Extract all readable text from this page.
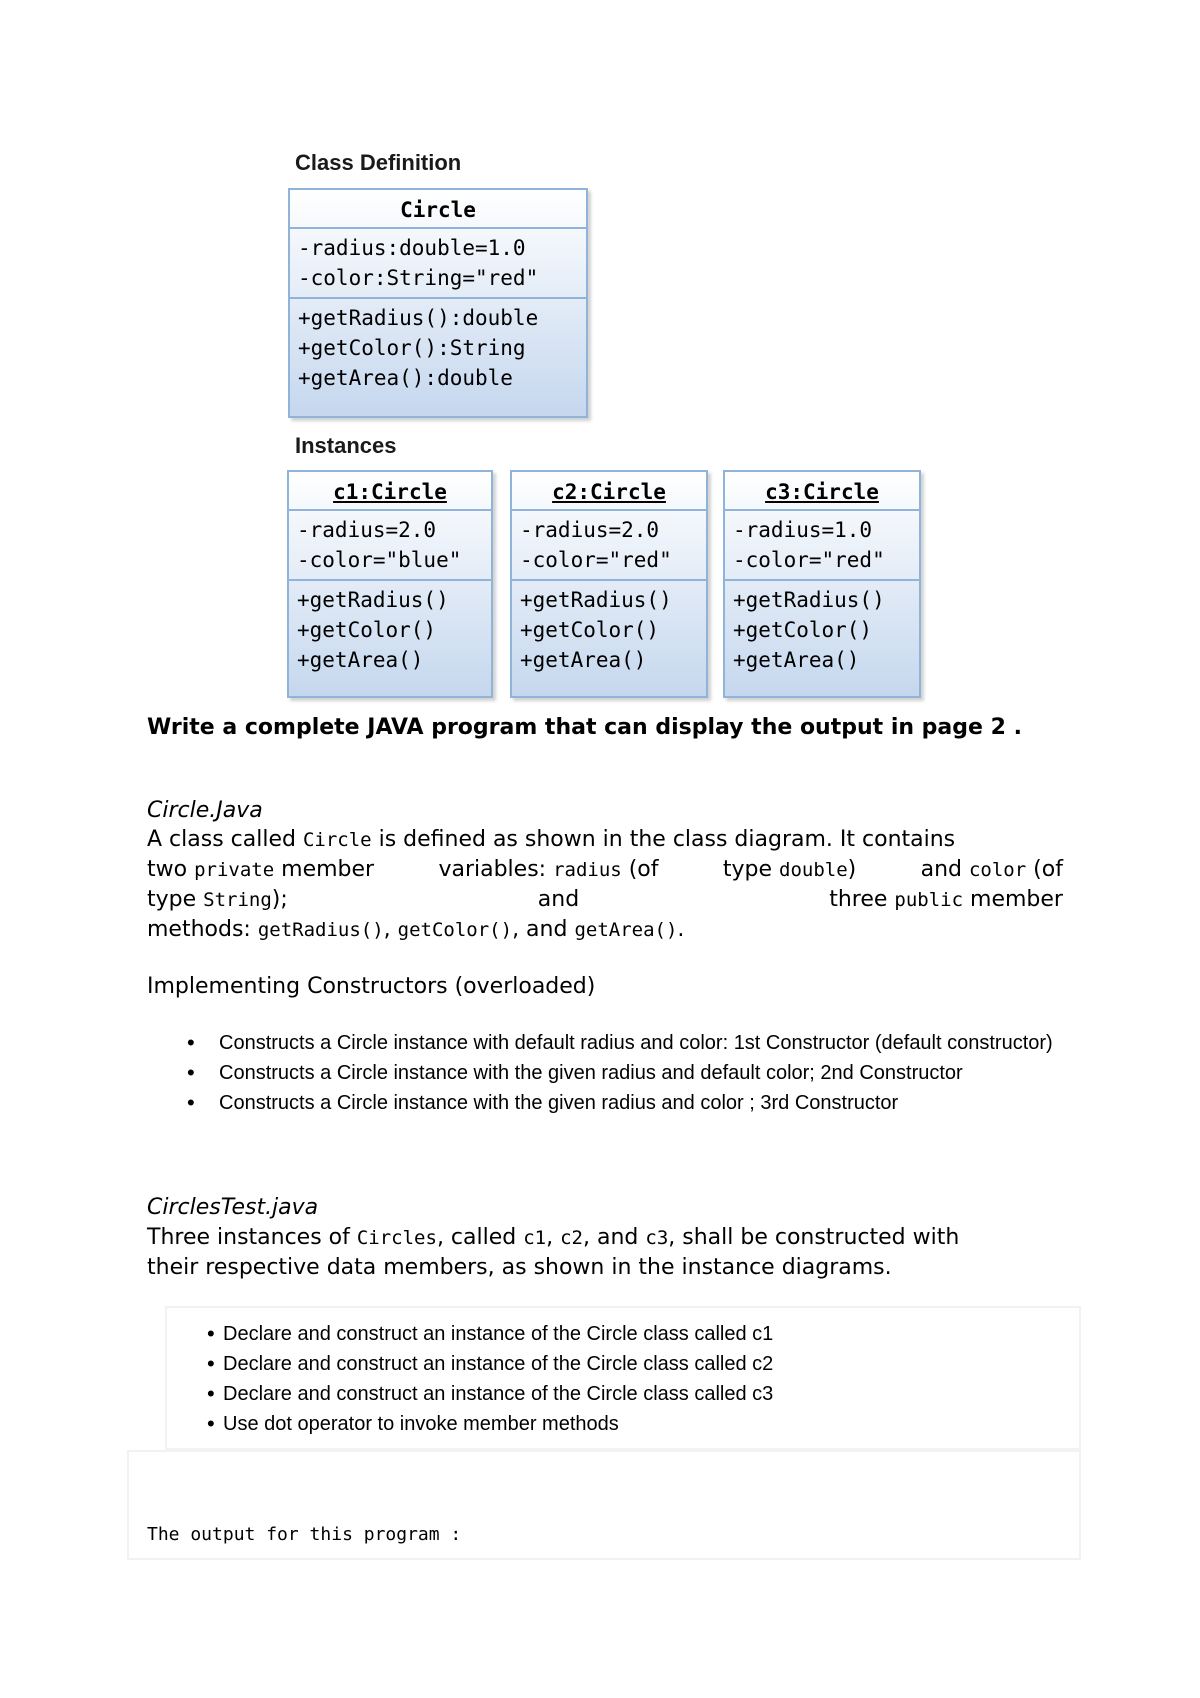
Class Definition
Circle
-radius:double=1.0
-color:String="red"
+getRadius():double
+getColor():String
+getArea():double
Instances
c1:Circle
-radius=2.0
-color="blue"
+getRadius()
+getColor()
+getArea()
c2:Circle
-radius=2.0
-color="red"
+getRadius()
+getColor()
+getArea()
c3:Circle
-radius=1.0
-color="red"
+getRadius()
+getColor()
+getArea()
Write a complete JAVA program that can display the output in page 2 .
Circle.Java
A class called Circle is defined as shown in the class diagram. It contains
two private member	variables: radius (of	type double)	and color (of
type String);	and	three public member
methods: getRadius(), getColor(), and getArea().
Implementing Constructors (overloaded)
• Constructs a Circle instance with default radius and color: 1st Constructor (default constructor)
• Constructs a Circle instance with the given radius and default color; 2nd Constructor
• Constructs a Circle instance with the given radius and color ; 3rd Constructor
CirclesTest.java
Three instances of Circles, called c1, c2, and c3, shall be constructed with
their respective data members, as shown in the instance diagrams.
• Declare and construct an instance of the Circle class called c1
• Declare and construct an instance of the Circle class called c2
• Declare and construct an instance of the Circle class called c3
• Use dot operator to invoke member methods
The output for this program :
